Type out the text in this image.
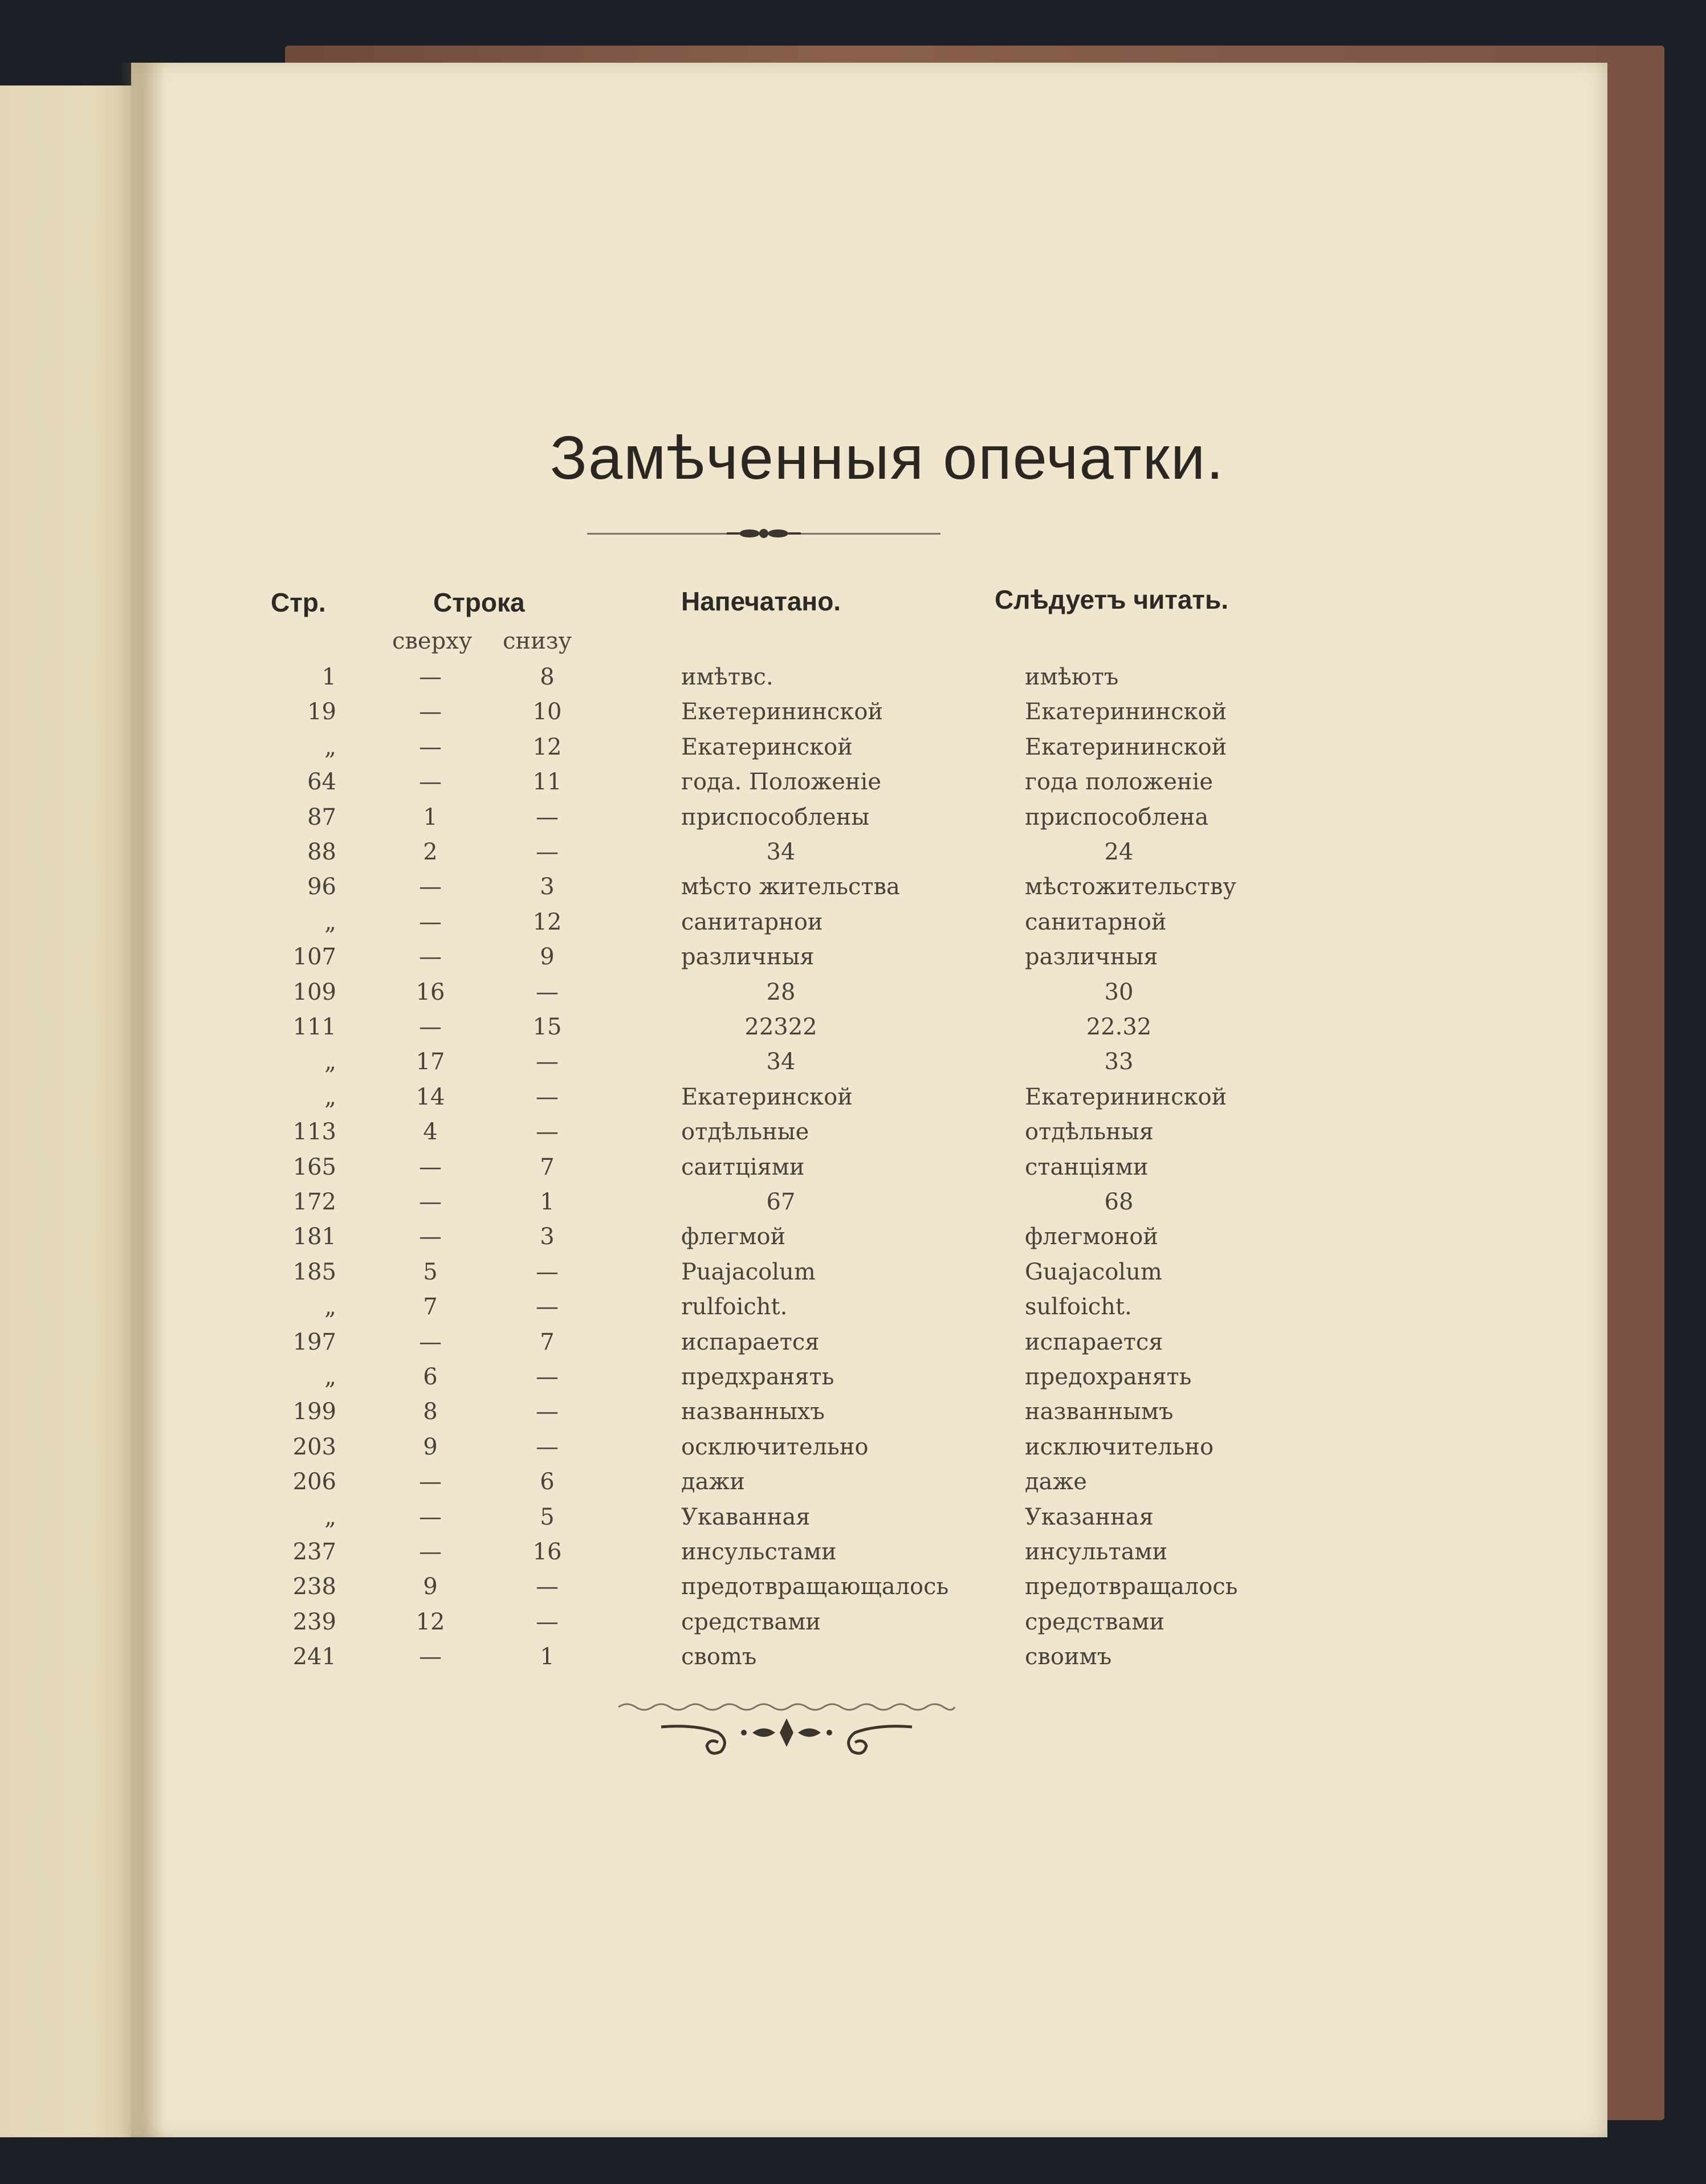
Замѣченныя опечатки.
Стр.	Строка	Напечатано.	Слѣдуетъ читать.
сверху снизу
1	—	8	имѣтвс.	имѣютъ
19	—	10	Екетерининской	Екатерининской
„	—	12	Екатеринской	Екатерининской
64	—	11	года. Положеніе	года положеніе
87	1	—	приспособлены	приспособлена
88	2	—	34	24
96	—	3	мѣсто жительства	мѣстожительству
„	—	12	санитарнои	санитарной
107	—	9	различныя	различныя
109	16	—	28	30
111	—	15	22322	22.32
„	17	—	34	33
„	14	—	Екатеринской	Екатерининской
113	4	—	отдѣльные	отдѣльныя
165	—	7	саитціями	станціями
172	—	1	67	68
181	—	3	флегмой	флегмоной
185	5	—	Puajacolum	Guajacolum
„	7	—	rulfoicht.	sulfoicht.
197	—	7	испарается	испарается
„	6	—	предхранять	предохранять
199	8	—	названныхъ	названнымъ
203	9	—	осключительно	исключительно
206	—	6	дажи	даже
„	—	5	Укаванная	Указанная
237	—	16	инсульстами	инсультами
238	9	—	предотвращающалось	предотвращалось
239	12	—	средствами	средствами
241	—	1	своmъ	своимъ
